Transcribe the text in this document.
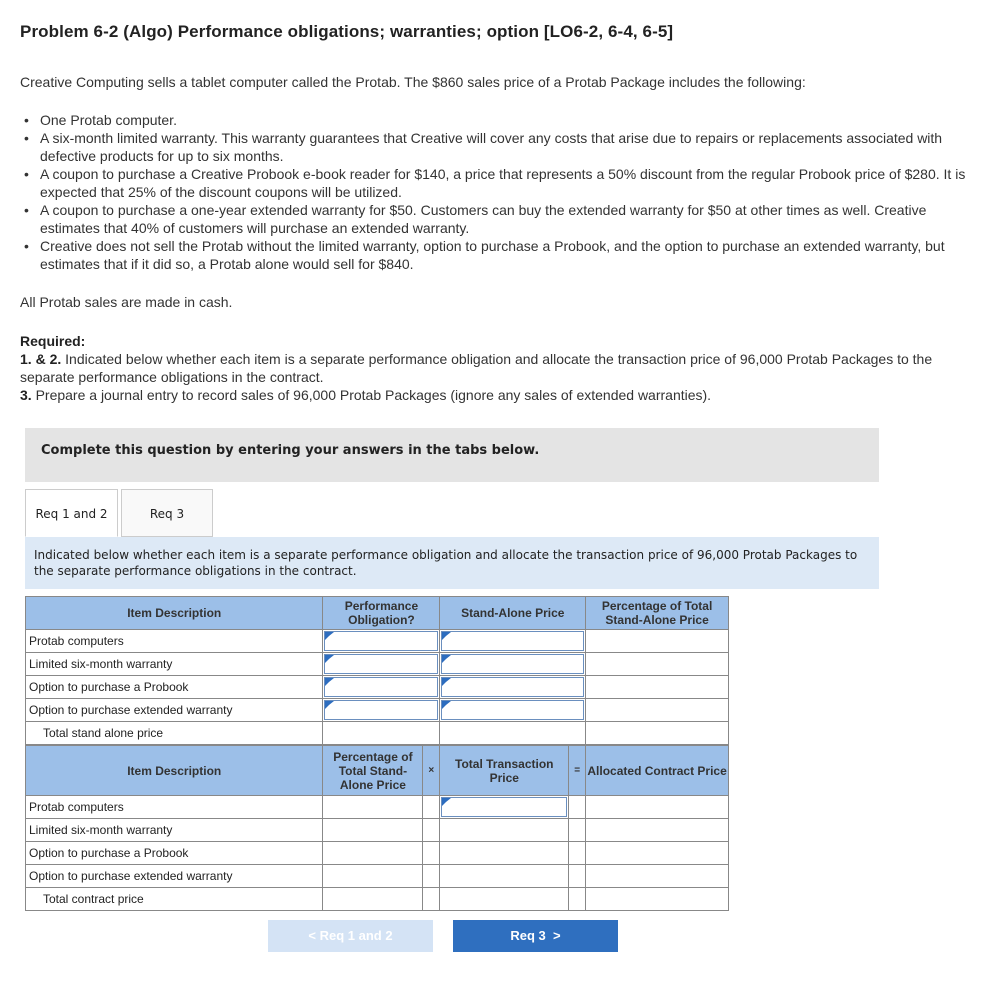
Problem 6-2 (Algo) Performance obligations; warranties; option [LO6-2, 6-4, 6-5]
Creative Computing sells a tablet computer called the Protab. The $860 sales price of a Protab Package includes the following:
• One Protab computer.
• A six-month limited warranty. This warranty guarantees that Creative will cover any costs that arise due to repairs or replacements associated with defective products for up to six months.
• A coupon to purchase a Creative Probook e-book reader for $140, a price that represents a 50% discount from the regular Probook price of $280. It is expected that 25% of the discount coupons will be utilized.
• A coupon to purchase a one-year extended warranty for $50. Customers can buy the extended warranty for $50 at other times as well. Creative estimates that 40% of customers will purchase an extended warranty.
• Creative does not sell the Protab without the limited warranty, option to purchase a Probook, and the option to purchase an extended warranty, but estimates that if it did so, a Protab alone would sell for $840.
All Protab sales are made in cash.
Required:
1. & 2. Indicated below whether each item is a separate performance obligation and allocate the transaction price of 96,000 Protab Packages to the separate performance obligations in the contract.
3. Prepare a journal entry to record sales of 96,000 Protab Packages (ignore any sales of extended warranties).
Complete this question by entering your answers in the tabs below.
Req 1 and 2	Req 3
Indicated below whether each item is a separate performance obligation and allocate the transaction price of 96,000 Protab Packages to the separate performance obligations in the contract.
Item Description	Performance Obligation?	Stand-Alone Price	Percentage of Total Stand-Alone Price
Protab computers	

Limited six-month warranty	

Option to purchase a Probook	

Option to purchase extended warranty	

Total stand alone price			
Item Description	Percentage of Total Stand-Alone Price	×	Total Transaction Price	=	Allocated Contract Price
Protab computers			

Limited six-month warranty					
Option to purchase a Probook					
Option to purchase extended warranty					
Total contract price					
< Req 1 and 2	Req 3  >
